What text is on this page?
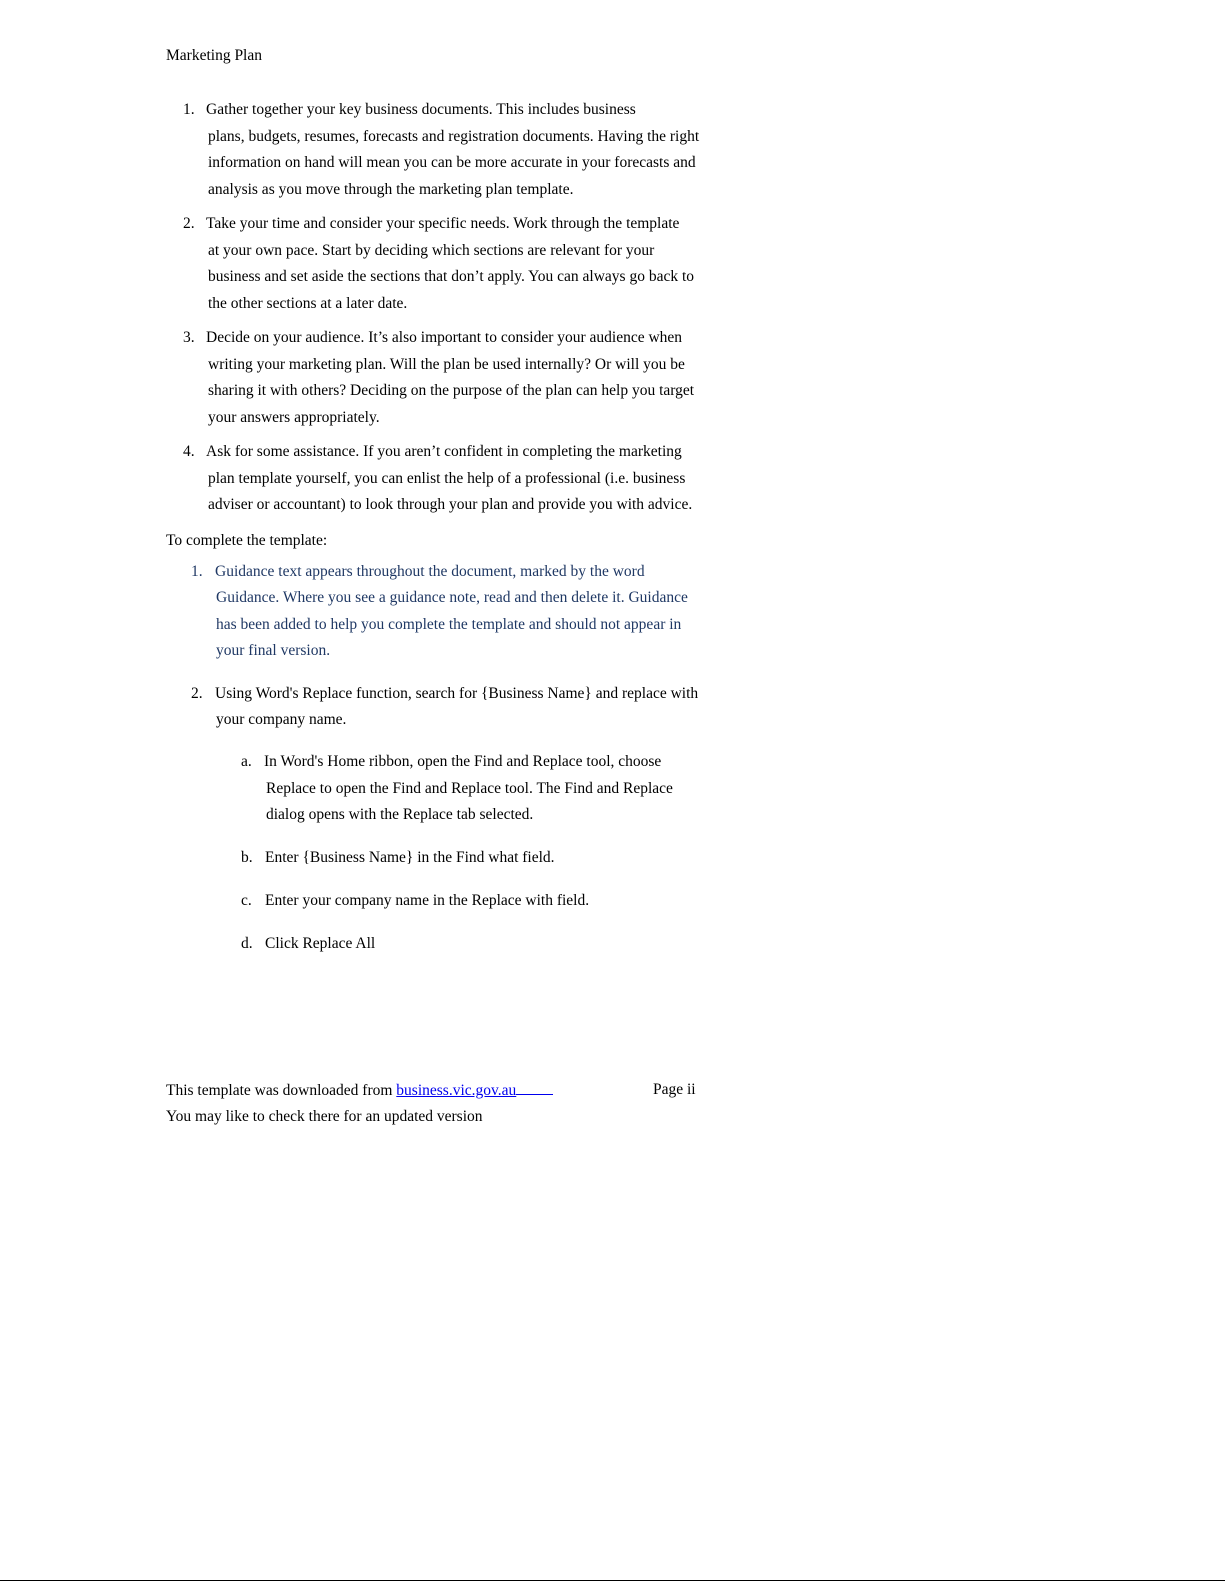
Marketing Plan
1. Gather together your key business documents. This includes business
plans, budgets, resumes, forecasts and registration documents. Having the right
information on hand will mean you can be more accurate in your forecasts and
analysis as you move through the marketing plan template.
2. Take your time and consider your specific needs. Work through the template
at your own pace. Start by deciding which sections are relevant for your
business and set aside the sections that don’t apply. You can always go back to
the other sections at a later date.
3. Decide on your audience. It’s also important to consider your audience when
writing your marketing plan. Will the plan be used internally? Or will you be
sharing it with others? Deciding on the purpose of the plan can help you target
your answers appropriately.
4. Ask for some assistance. If you aren’t confident in completing the marketing
plan template yourself, you can enlist the help of a professional (i.e. business
adviser or accountant) to look through your plan and provide you with advice.
To complete the template:
1. Guidance text appears throughout the document, marked by the word
Guidance. Where you see a guidance note, read and then delete it. Guidance
has been added to help you complete the template and should not appear in
your final version.
2. Using Word's Replace function, search for {Business Name} and replace with
your company name.
a. In Word's Home ribbon, open the Find and Replace tool, choose
Replace to open the Find and Replace tool. The Find and Replace
dialog opens with the Replace tab selected.
b. Enter {Business Name} in the Find what field.
c. Enter your company name in the Replace with field.
d. Click Replace All
This template was downloaded from business.vic.gov.au	Page ii
You may like to check there for an updated version
